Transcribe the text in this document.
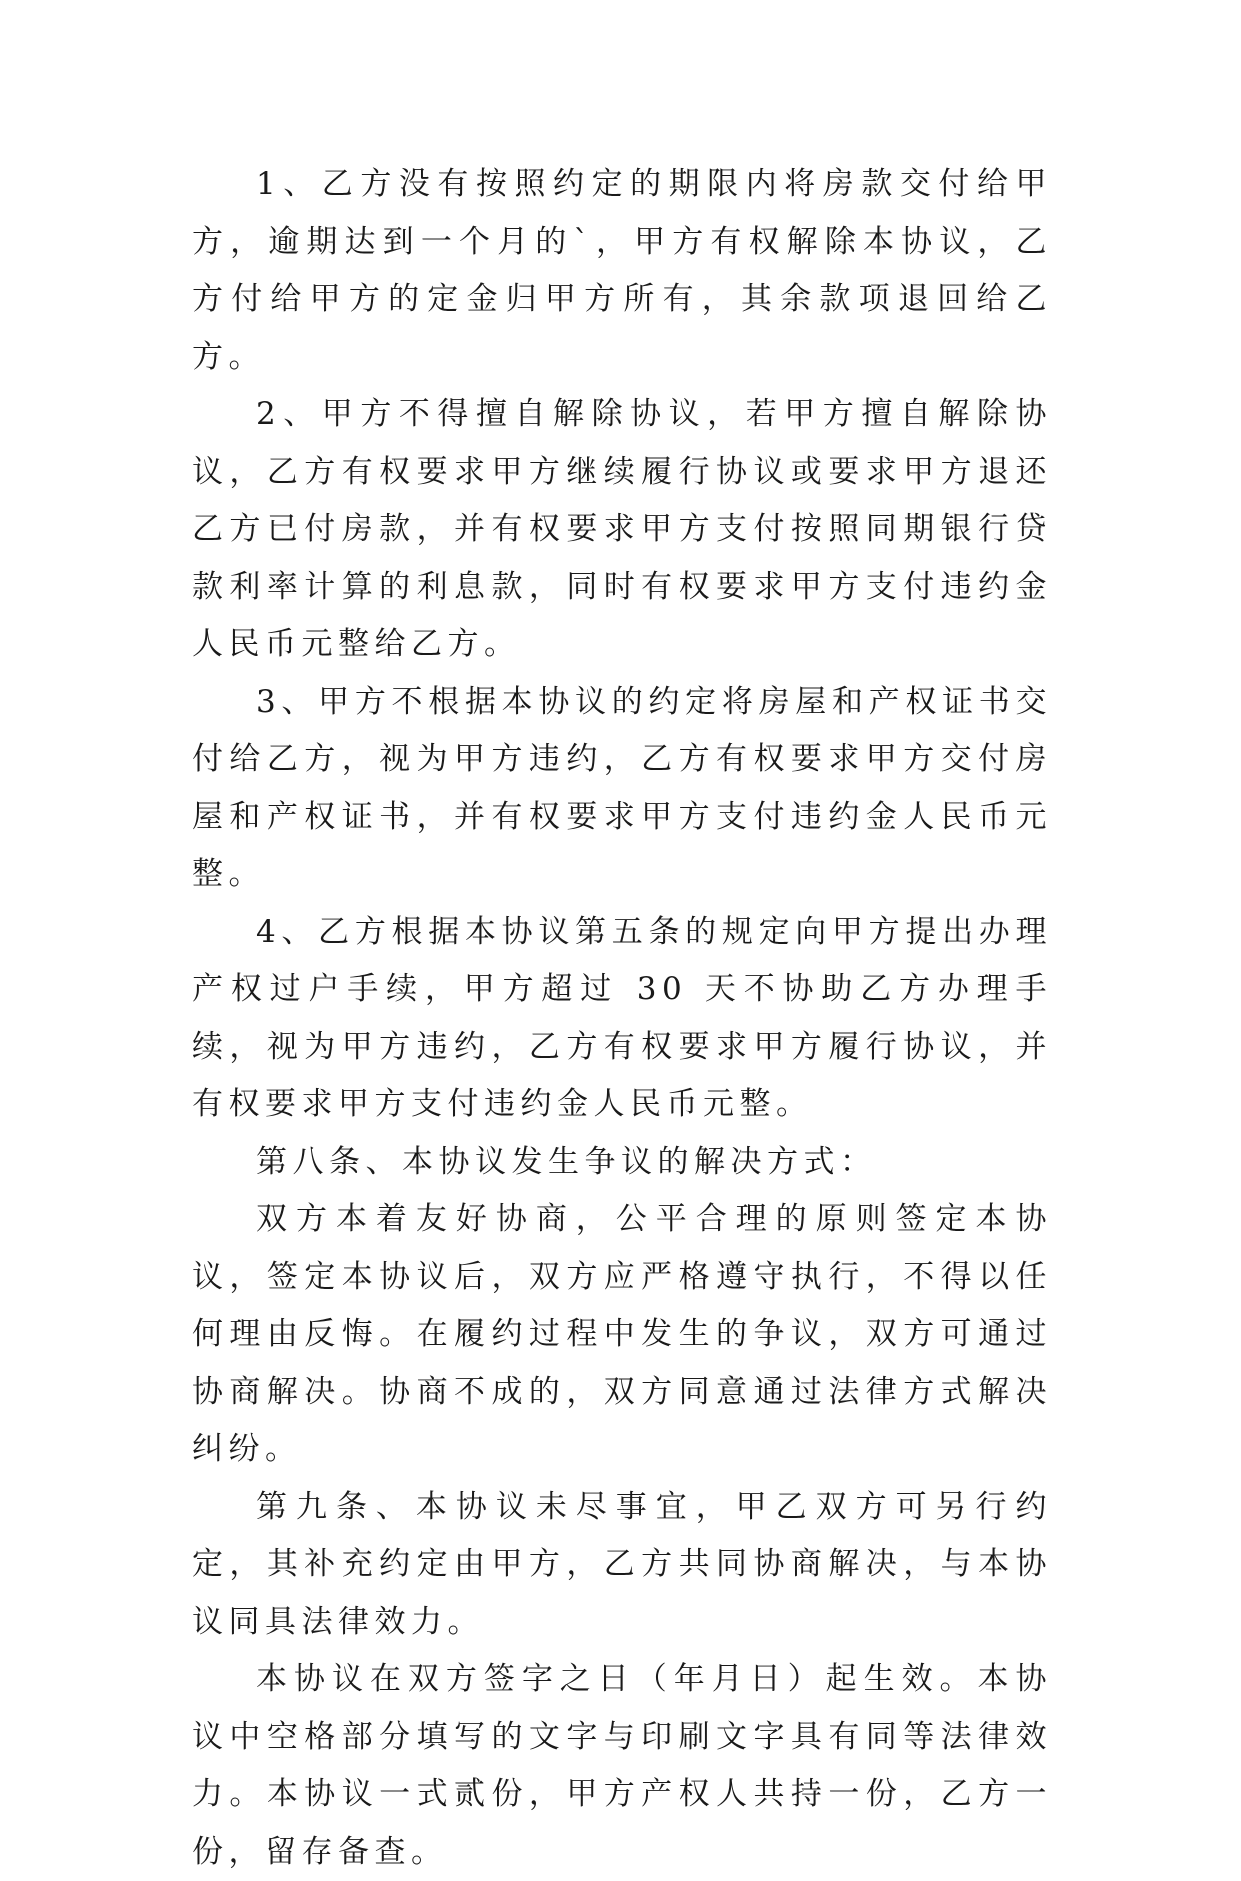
1、乙方没有按照约定的期限内将房款交付给甲方，逾期达到一个月的`，甲方有权解除本协议，乙方付给甲方的定金归甲方所有，其余款项退回给乙方。

2、甲方不得擅自解除协议，若甲方擅自解除协议，乙方有权要求甲方继续履行协议或要求甲方退还乙方已付房款，并有权要求甲方支付按照同期银行贷款利率计算的利息款，同时有权要求甲方支付违约金人民币元整给乙方。

3、甲方不根据本协议的约定将房屋和产权证书交付给乙方，视为甲方违约，乙方有权要求甲方交付房屋和产权证书，并有权要求甲方支付违约金人民币元整。

4、乙方根据本协议第五条的规定向甲方提出办理产权过户手续，甲方超过 30 天不协助乙方办理手续，视为甲方违约，乙方有权要求甲方履行协议，并有权要求甲方支付违约金人民币元整。

第八条、本协议发生争议的解决方式：

双方本着友好协商，公平合理的原则签定本协议，签定本协议后，双方应严格遵守执行，不得以任何理由反悔。在履约过程中发生的争议，双方可通过协商解决。协商不成的，双方同意通过法律方式解决纠纷。

第九条、本协议未尽事宜，甲乙双方可另行约定，其补充约定由甲方，乙方共同协商解决，与本协议同具法律效力。

本协议在双方签字之日（年月日）起生效。本协议中空格部分填写的文字与印刷文字具有同等法律效力。本协议一式贰份，甲方产权人共持一份，乙方一份，留存备查。
